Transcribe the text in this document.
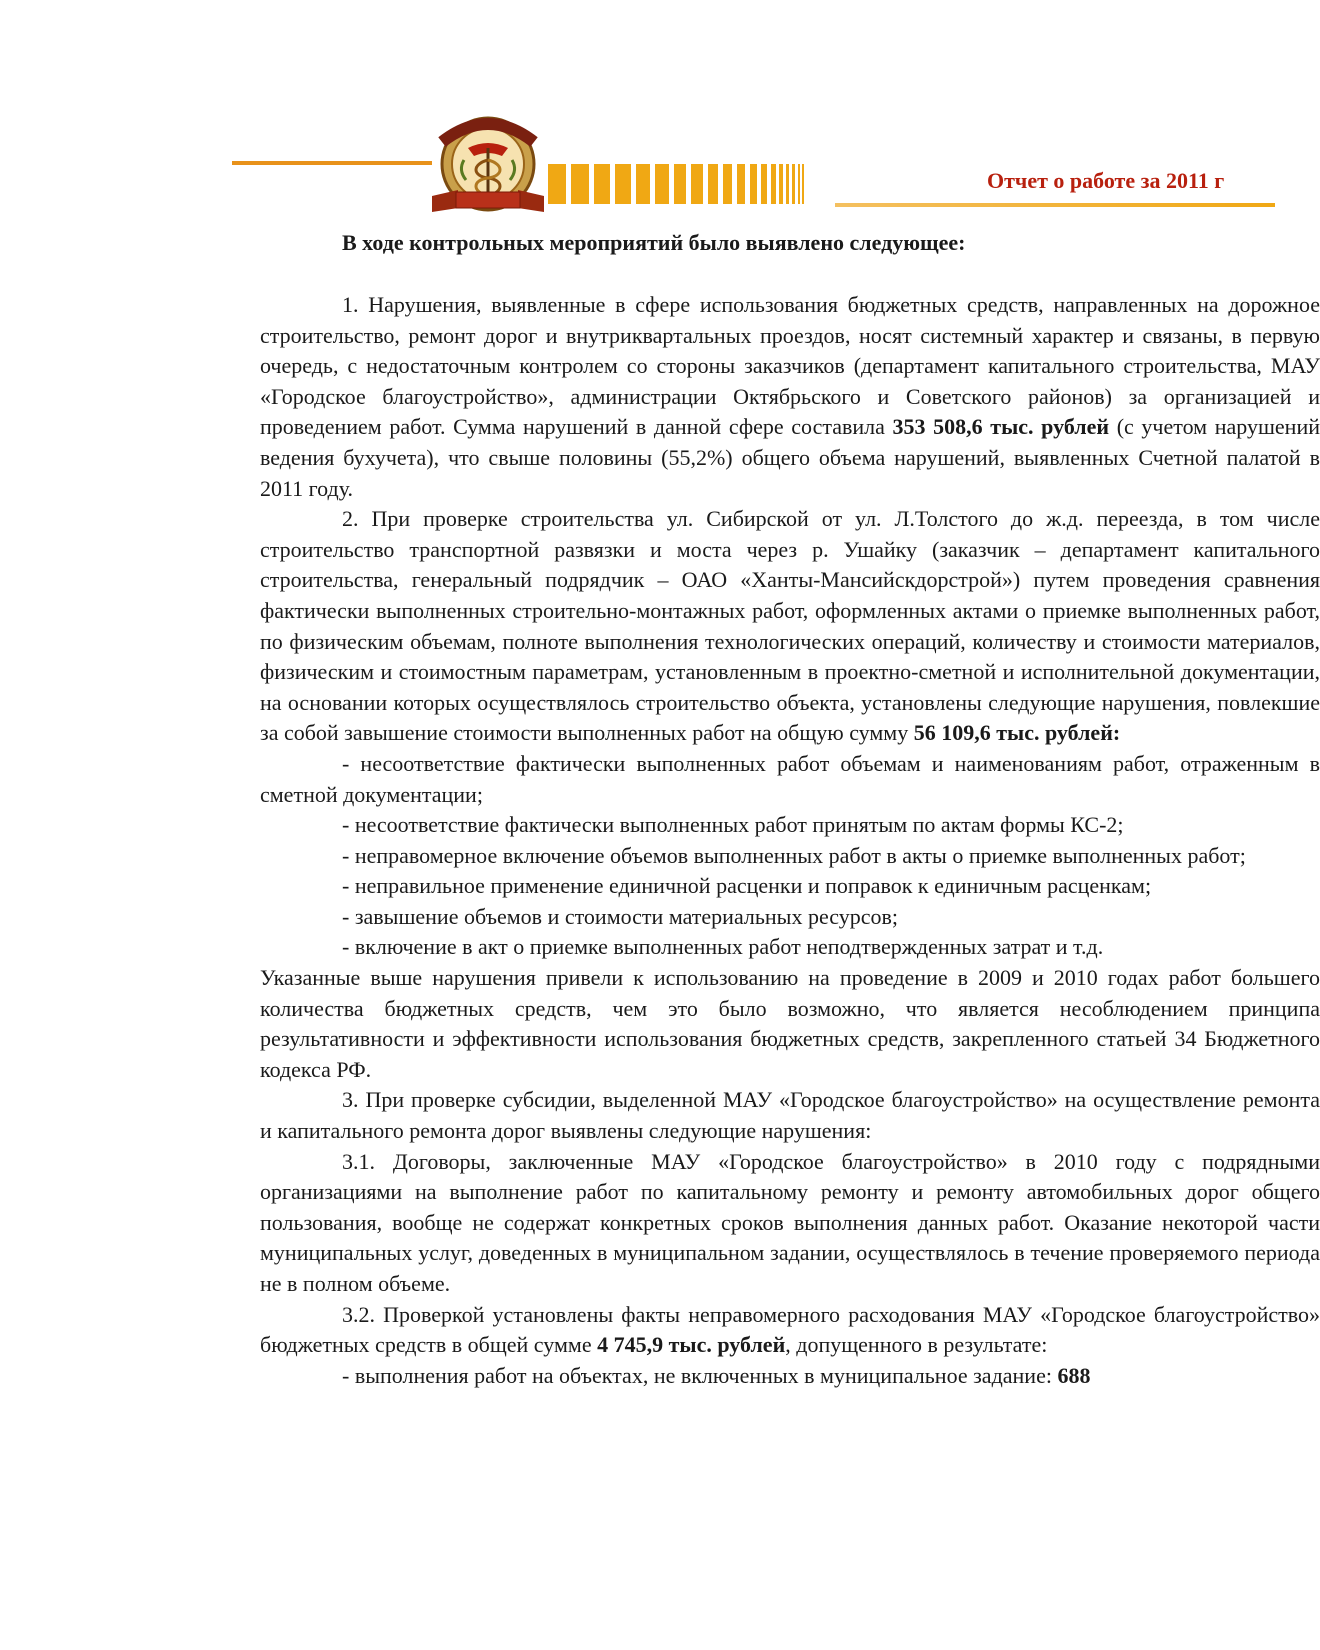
Отчет о работе за 2011 г
В ходе контрольных мероприятий было выявлено следующее:

1. Нарушения, выявленные в сфере использования бюджетных средств, направленных на дорожное строительство, ремонт дорог и внутриквартальных проездов, носят системный характер и связаны, в первую очередь, с недостаточным контролем со стороны заказчиков (департамент капитального строительства, МАУ «Городское благоустройство», администрации Октябрьского и Советского районов) за организацией и проведением работ. Сумма нарушений в данной сфере составила 353 508,6 тыс. рублей (с учетом нарушений ведения бухучета), что свыше половины (55,2%) общего объема нарушений, выявленных Счетной палатой в 2011 году.

2. При проверке строительства ул. Сибирской от ул. Л.Толстого до ж.д. переезда, в том числе строительство транспортной развязки и моста через р. Ушайку (заказчик – департамент капитального строительства, генеральный подрядчик – ОАО «Ханты-Мансийскдорстрой») путем проведения сравнения фактически выполненных строительно-монтажных работ, оформленных актами о приемке выполненных работ, по физическим объемам, полноте выполнения технологических операций, количеству и стоимости материалов, физическим и стоимостным параметрам, установленным в проектно-сметной и исполнительной документации, на основании которых осуществлялось строительство объекта, установлены следующие нарушения, повлекшие за собой завышение стоимости выполненных работ на общую сумму 56 109,6 тыс. рублей:

- несоответствие фактически выполненных работ объемам и наименованиям работ, отраженным в сметной документации;

- несоответствие фактически выполненных работ принятым по актам формы КС-2;

- неправомерное включение объемов выполненных работ в акты о приемке выполненных работ;

- неправильное применение единичной расценки и поправок к единичным расценкам;

- завышение объемов и стоимости материальных ресурсов;

- включение в акт о приемке выполненных работ неподтвержденных затрат и т.д.

Указанные выше нарушения привели к использованию на проведение в 2009 и 2010 годах работ большего количества бюджетных средств, чем это было возможно, что является несоблюдением принципа результативности и эффективности использования бюджетных средств, закрепленного статьей 34 Бюджетного кодекса РФ.

3. При проверке субсидии, выделенной МАУ «Городское благоустройство» на осуществление ремонта и капитального ремонта дорог выявлены следующие нарушения:

3.1. Договоры, заключенные МАУ «Городское благоустройство» в 2010 году с подрядными организациями на выполнение работ по капитальному ремонту и ремонту автомобильных дорог общего пользования, вообще не содержат конкретных сроков выполнения данных работ. Оказание некоторой части муниципальных услуг, доведенных в муниципальном задании, осуществлялось в течение проверяемого периода не в полном объеме.

3.2. Проверкой установлены факты неправомерного расходования МАУ «Городское благоустройство» бюджетных средств в общей сумме 4 745,9 тыс. рублей, допущенного в результате:

- выполнения работ на объектах, не включенных в муниципальное задание: 688
